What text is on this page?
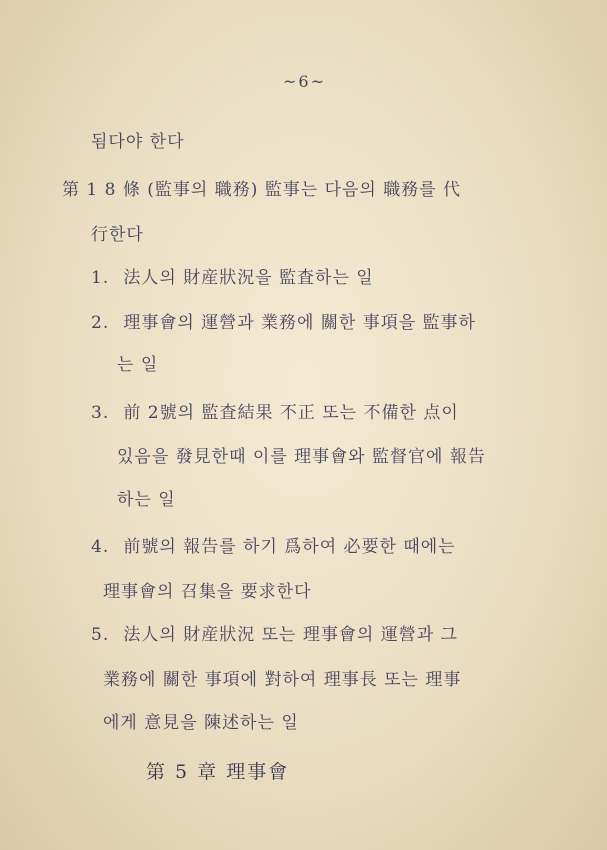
~6~
됨다야 한다
第 1 8 條 (監事의 職務) 監事는 다음의 職務를 代
行한다
1. 法人의 財産狀況을 監査하는 일
2. 理事會의 運營과 業務에 關한 事項을 監事하
는 일
3. 前 2號의 監査結果 不正 또는 不備한 点이
있음을 發見한때 이를 理事會와 監督官에 報告
하는 일
4. 前號의 報告를 하기 爲하여 必要한 때에는
理事會의 召集을 要求한다
5. 法人의 財産狀況 또는 理事會의 運營과 그
業務에 關한 事項에 對하여 理事長 또는 理事
에게 意見을 陳述하는 일
第 5 章 理事會
